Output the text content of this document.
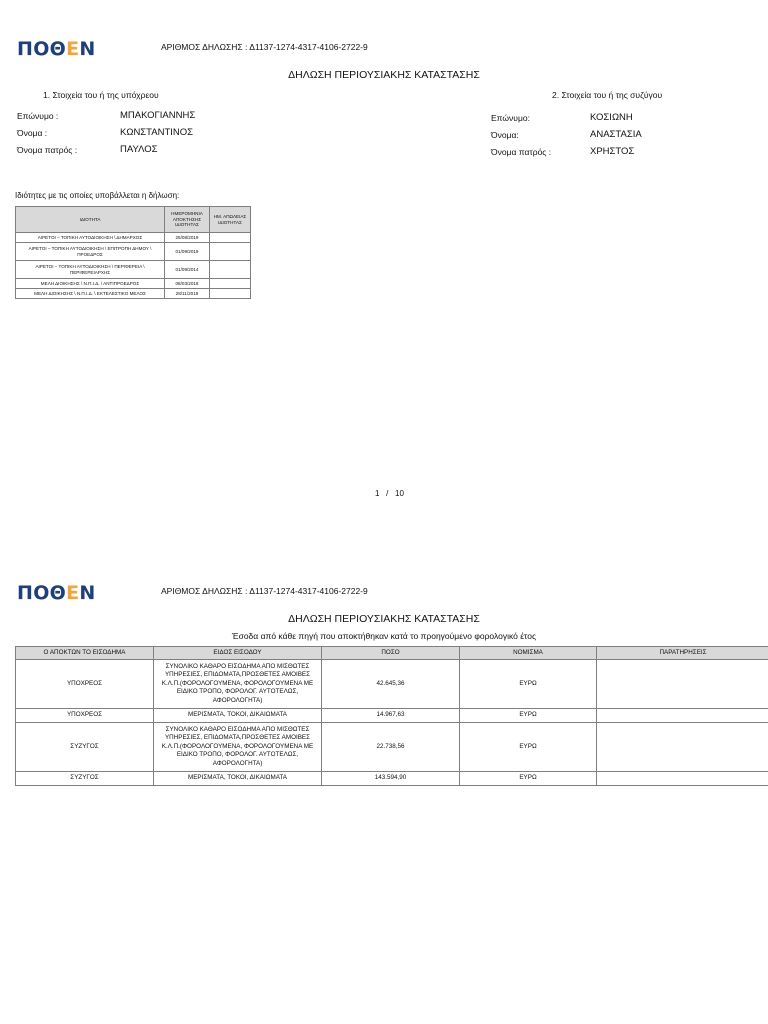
ΠΟΘΕΝ	ΑΡΙΘΜΟΣ ΔΗΛΩΣΗΣ : Δ1137-1274-4317-4106-2722-9
ΔΗΛΩΣΗ ΠΕΡΙΟΥΣΙΑΚΗΣ ΚΑΤΑΣΤΑΣΗΣ
1. Στοιχεία του ή της υπόχρεου	2. Στοιχεία του ή της συζύγου
Επώνυμο :	ΜΠΑΚΟΓΙΑΝΝΗΣ
Όνομα :	ΚΩΝΣΤΑΝΤΙΝΟΣ
Όνομα πατρός :	ΠΑΥΛΟΣ
Επώνυμο:	ΚΟΣΙΩΝΗ
Όνομα:	ΑΝΑΣΤΑΣΙΑ
Όνομα πατρός :	ΧΡΗΣΤΟΣ
Ιδιότητες με τις οποίες υποβάλλεται η δήλωση:
ΙΔΙΟΤΗΤΑ	ΗΜΕΡΟΜΗΝΙΑ ΑΠΟΚΤΗΣΗΣ ΙΔΙΟΤΗΤΑΣ	ΗΜ. ΑΠΩΛΕΙΑΣ ΙΔΙΟΤΗΤΑΣ
ΑΙΡΕΤΟΙ – ΤΟΠΙΚΗ ΑΥΤΟΔΙΟΙΚΗΣΗ \ ΔΗΜΑΡΧΟΣ	25/08/2019	
ΑΙΡΕΤΟΙ – ΤΟΠΙΚΗ ΑΥΤΟΔΙΟΙΚΗΣΗ \ ΕΠΙΤΡΟΠΗ ΔΗΜΟΥ \ ΠΡΟΕΔΡΟΣ	01/09/2019	
ΑΙΡΕΤΟΙ – ΤΟΠΙΚΗ ΑΥΤΟΔΙΟΙΚΗΣΗ \ ΠΕΡΙΦΕΡΕΙΑ \ ΠΕΡΙΦΕΡΕΙΑΡΧΗΣ	01/09/2014	
ΜΕΛΗ ΔΙΟΙΚΗΣΗΣ \ Ν.Π.Ι.Δ. \ ΑΝΤΙΠΡΟΕΔΡΟΣ	08/03/2018	
ΜΕΛΗ ΔΙΟΙΚΗΣΗΣ \ Ν.Π.Ι.Δ. \ ΕΚΤΕΛΕΣΤΙΚΟ ΜΕΛΟΣ	28/11/2019	
1 / 10
ΠΟΘΕΝ	ΑΡΙΘΜΟΣ ΔΗΛΩΣΗΣ : Δ1137-1274-4317-4106-2722-9
ΔΗΛΩΣΗ ΠΕΡΙΟΥΣΙΑΚΗΣ ΚΑΤΑΣΤΑΣΗΣ
Έσοδα από κάθε πηγή που αποκτήθηκαν κατά το προηγούμενο φορολογικό έτος
Ο ΑΠΟΚΤΩΝ ΤΟ ΕΙΣΟΔΗΜΑ	ΕΙΔΟΣ ΕΙΣΟΔΟΥ	ΠΟΣΟ	ΝΟΜΙΣΜΑ	ΠΑΡΑΤΗΡΗΣΕΙΣ
ΥΠΟΧΡΕΟΣ	ΣΥΝΟΛΙΚΟ ΚΑΘΑΡΟ ΕΙΣΟΔΗΜΑ ΑΠΟ ΜΙΣΘΩΤΕΣ ΥΠΗΡΕΣΙΕΣ, ΕΠΙΔΟΜΑΤΑ,ΠΡΟΣΘΕΤΕΣ ΑΜΟΙΒΕΣ Κ.Λ.Π.(ΦΟΡΟΛΟΓΟΥΜΕΝΑ, ΦΟΡΟΛΟΓΟΥΜΕΝΑ ΜΕ ΕΙΔΙΚΟ ΤΡΟΠΟ, ΦΟΡΟΛΟΓ. ΑΥΤΟΤΕΛΩΣ, ΑΦΟΡΟΛΟΓΗΤΑ)	42.645,36	ΕΥΡΩ	
ΥΠΟΧΡΕΟΣ	ΜΕΡΙΣΜΑΤΑ, ΤΟΚΟΙ, ΔΙΚΑΙΩΜΑΤΑ	14.967,63	ΕΥΡΩ	
ΣΥΖΥΓΟΣ	ΣΥΝΟΛΙΚΟ ΚΑΘΑΡΟ ΕΙΣΟΔΗΜΑ ΑΠΟ ΜΙΣΘΩΤΕΣ ΥΠΗΡΕΣΙΕΣ, ΕΠΙΔΟΜΑΤΑ,ΠΡΟΣΘΕΤΕΣ ΑΜΟΙΒΕΣ Κ.Λ.Π.(ΦΟΡΟΛΟΓΟΥΜΕΝΑ, ΦΟΡΟΛΟΓΟΥΜΕΝΑ ΜΕ ΕΙΔΙΚΟ ΤΡΟΠΟ, ΦΟΡΟΛΟΓ. ΑΥΤΟΤΕΛΩΣ, ΑΦΟΡΟΛΟΓΗΤΑ)	22.738,56	ΕΥΡΩ	
ΣΥΖΥΓΟΣ	ΜΕΡΙΣΜΑΤΑ, ΤΟΚΟΙ, ΔΙΚΑΙΩΜΑΤΑ	143.594,90	ΕΥΡΩ	
